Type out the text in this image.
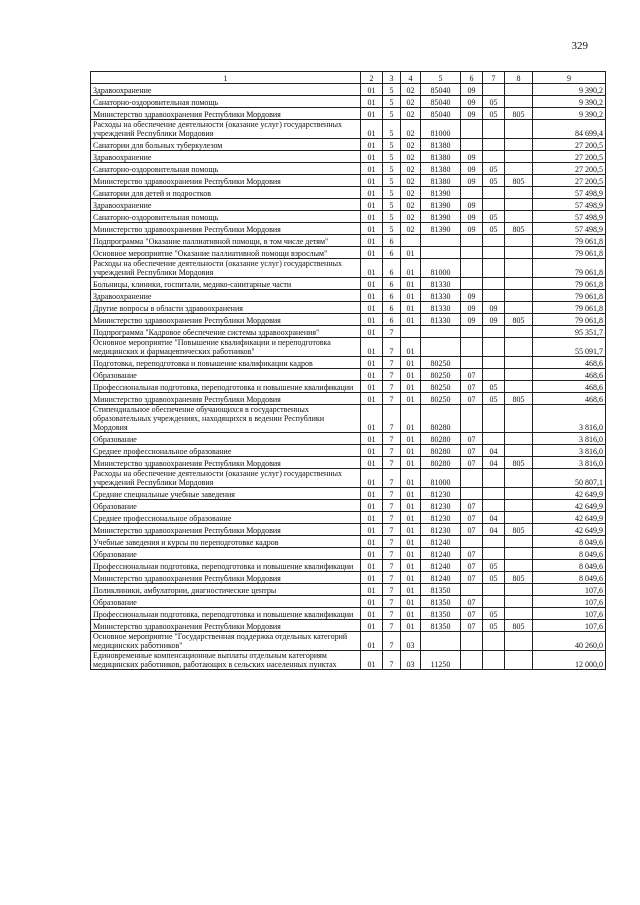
329
1	2	3	4	5	6	7	8	9
Здравоохранение	01	5	02	85040	09			9 390,2
Санаторно-оздоровительная помощь	01	5	02	85040	09	05		9 390,2
Министерство здравоохранения Республики Мордовия	01	5	02	85040	09	05	805	9 390,2
Расходы на обеспечение деятельности (оказание услуг) государственных учреждений Республики Мордовия	01	5	02	81000				84 699,4
Санатории для больных туберкулезом	01	5	02	81380				27 200,5
Здравоохранение	01	5	02	81380	09			27 200,5
Санаторно-оздоровительная помощь	01	5	02	81380	09	05		27 200,5
Министерство здравоохранения Республики Мордовия	01	5	02	81380	09	05	805	27 200,5
Санатории для детей и подростков	01	5	02	81390				57 498,9
Здравоохранение	01	5	02	81390	09			57 498,9
Санаторно-оздоровительная помощь	01	5	02	81390	09	05		57 498,9
Министерство здравоохранения Республики Мордовия	01	5	02	81390	09	05	805	57 498,9
Подпрограмма "Оказание паллиативной помощи, в том числе детям"	01	6						79 061,8
Основное мероприятие "Оказание паллиативной помощи взрослым"	01	6	01					79 061,8
Расходы на обеспечение деятельности (оказание услуг) государственных учреждений Республики Мордовия	01	6	01	81000				79 061,8
Больницы, клиники, госпитали, медико-санитарные части	01	6	01	81330				79 061,8
Здравоохранение	01	6	01	81330	09			79 061,8
Другие вопросы в области здравоохранения	01	6	01	81330	09	09		79 061,8
Министерство здравоохранения Республики Мордовия	01	6	01	81330	09	09	805	79 061,8
Подпрограмма "Кадровое обеспечение системы здравоохранения"	01	7						95 351,7
Основное мероприятие "Повышение квалификации и переподготовка медицинских и фармацевтических работников"	01	7	01					55 091,7
Подготовка, переподготовка и повышение квалификации кадров	01	7	01	80250				468,6
Образование	01	7	01	80250	07			468,6
Профессиональная подготовка, переподготовка и повышение квалификации	01	7	01	80250	07	05		468,6
Министерство здравоохранения Республики Мордовия	01	7	01	80250	07	05	805	468,6
Стипендиальное обеспечение обучающихся в государственных образовательных учреждениях, находящихся в ведении Республики Мордовия	01	7	01	80280				3 816,0
Образование	01	7	01	80280	07			3 816,0
Среднее профессиональное образование	01	7	01	80280	07	04		3 816,0
Министерство здравоохранения Республики Мордовия	01	7	01	80280	07	04	805	3 816,0
Расходы на обеспечение деятельности (оказание услуг) государственных учреждений Республики Мордовия	01	7	01	81000				50 807,1
Средние специальные учебные заведения	01	7	01	81230				42 649,9
Образование	01	7	01	81230	07			42 649,9
Среднее профессиональное образование	01	7	01	81230	07	04		42 649,9
Министерство здравоохранения Республики Мордовия	01	7	01	81230	07	04	805	42 649,9
Учебные заведения и курсы по переподготовке кадров	01	7	01	81240				8 049,6
Образование	01	7	01	81240	07			8 049,6
Профессиональная подготовка, переподготовка и повышение квалификации	01	7	01	81240	07	05		8 049,6
Министерство здравоохранения Республики Мордовия	01	7	01	81240	07	05	805	8 049,6
Поликлиники, амбулатории, диагностические центры	01	7	01	81350				107,6
Образование	01	7	01	81350	07			107,6
Профессиональная подготовка, переподготовка и повышение квалификации	01	7	01	81350	07	05		107,6
Министерство здравоохранения Республики Мордовия	01	7	01	81350	07	05	805	107,6
Основное мероприятие "Государственная поддержка отдельных категорий медицинских работников"	01	7	03					40 260,0
Единовременные компенсационные выплаты отдельным категориям медицинских работников, работающих в сельских населенных пунктах	01	7	03	11250				12 000,0
